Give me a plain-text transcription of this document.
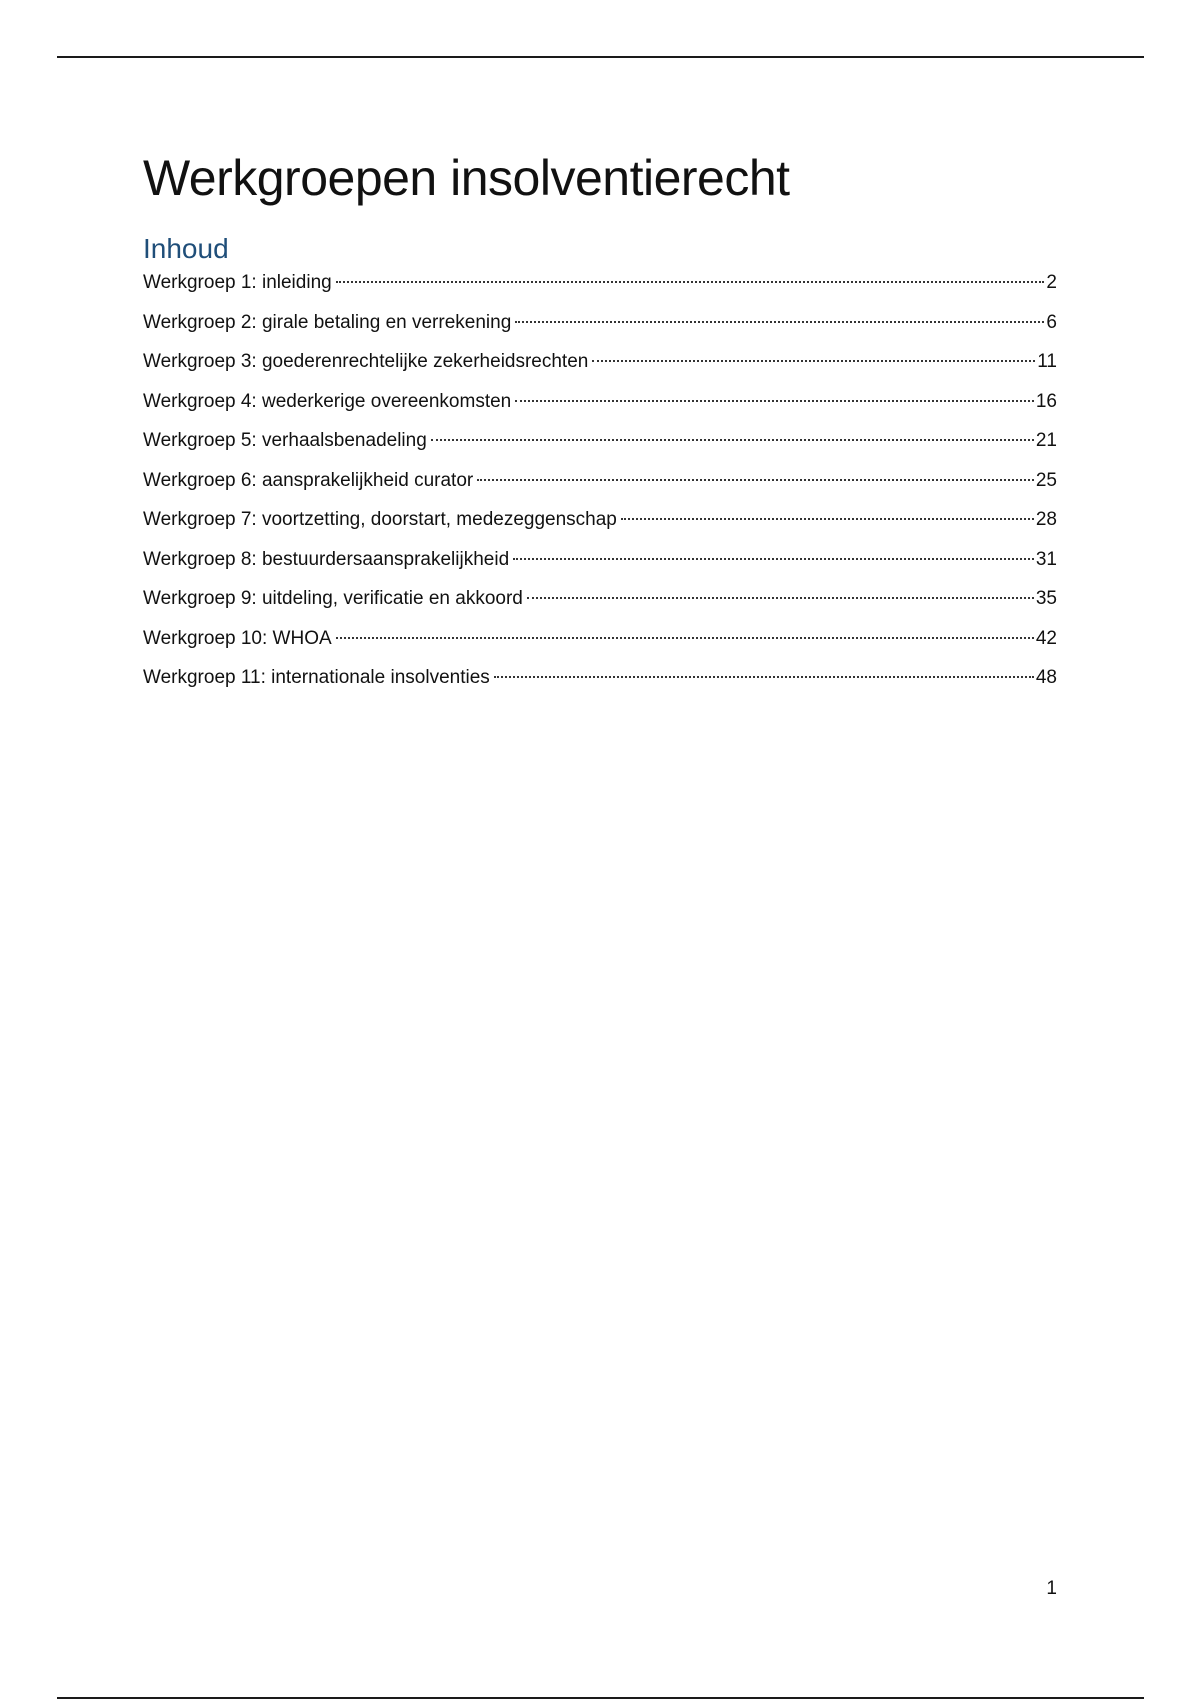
Werkgroepen insolventierecht
Inhoud
Werkgroep 1: inleiding	2
Werkgroep 2: girale betaling en verrekening	6
Werkgroep 3: goederenrechtelijke zekerheidsrechten	11
Werkgroep 4: wederkerige overeenkomsten	16
Werkgroep 5: verhaalsbenadeling	21
Werkgroep 6: aansprakelijkheid curator	25
Werkgroep 7: voortzetting, doorstart, medezeggenschap	28
Werkgroep 8: bestuurdersaansprakelijkheid	31
Werkgroep 9: uitdeling, verificatie en akkoord	35
Werkgroep 10: WHOA	42
Werkgroep 11: internationale insolventies	48
1
